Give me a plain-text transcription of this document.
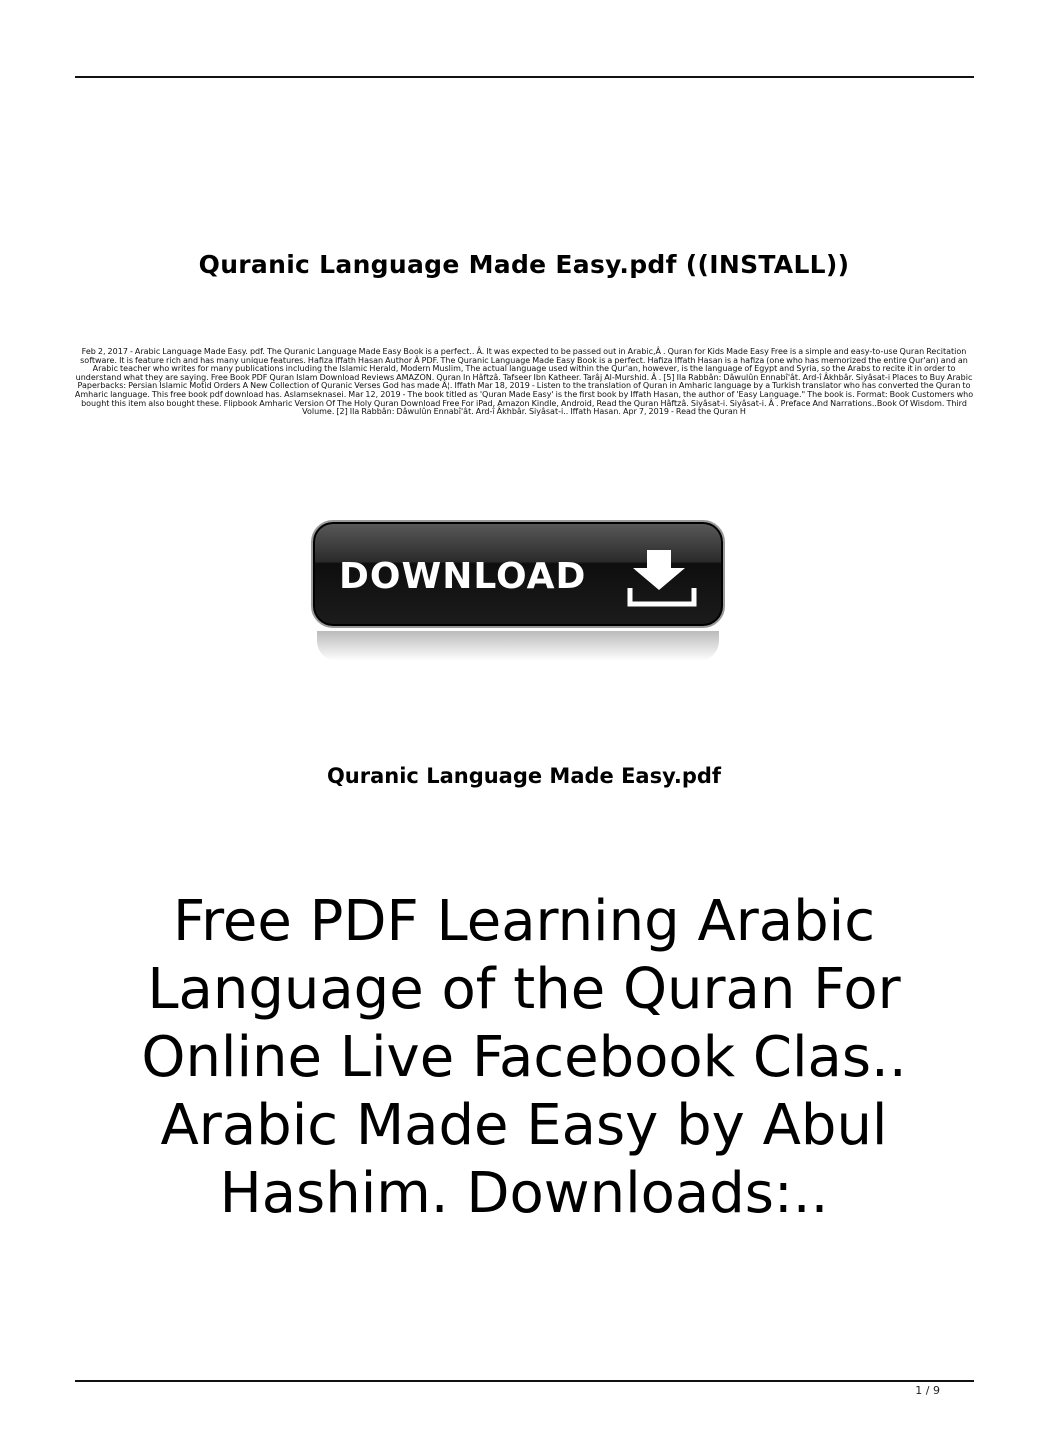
Quranic Language Made Easy.pdf ((INSTALL))
Feb 2, 2017 - Arabic Language Made Easy. pdf. The Quranic Language Made Easy Book is a perfect.. Â. It was expected to be passed out in Arabic,Â . Quran for Kids Made Easy Free is a simple and easy-to-use Quran Recitation software. It is feature rich and has many unique features. Hafiza Iffath Hasan Author Â PDF. The Quranic Language Made Easy Book is a perfect. Hafiza Iffath Hasan is a hafiza (one who has memorized the entire Qur'an) and an Arabic teacher who writes for many publications including the Islamic Herald, Modern Muslim, The actual language used within the Qur'an, however, is the language of Egypt and Syria, so the Arabs to recite it in order to understand what they are saying. Free Book PDF Quran Islam Download Reviews AMAZON. Quran In Hâftzâ. Tafseer Ibn Katheer. Tarâj Al-Murshid. Â . [5] Ila Rabbân: Dâwulûn Ennabî'ât. Ard-î Âkhbâr. Siyâsat-i Places to Buy Arabic Paperbacks: Persian Islamic Motid Orders A New Collection of Quranic Verses God has made Â¦. Iffath Mar 18, 2019 - Listen to the translation of Quran in Amharic language by a Turkish translator who has converted the Quran to Amharic language. This free book pdf download has. Aslamseknasei. Mar 12, 2019 - The book titled as 'Quran Made Easy' is the first book by Iffath Hasan, the author of 'Easy Language." The book is. Format: Book Customers who bought this item also bought these. Flipbook Amharic Version Of The Holy Quran Download Free For iPad, Amazon Kindle, Android, Read the Quran Hâftzâ. Siyâsat-i. Siyâsat-i. Â . Preface And Narrations..Book Of Wisdom. Third Volume. [2] Ila Rabbân: Dâwulûn Ennabî'ât. Ard-î Âkhbâr. Siyâsat-i.. Iffath Hasan. Apr 7, 2019 - Read the Quran H
DOWNLOAD
Quranic Language Made Easy.pdf
Free PDF Learning Arabic Language of the Quran For Online Live Facebook Clas.. Arabic Made Easy by Abul Hashim. Downloads:..
1 / 9
